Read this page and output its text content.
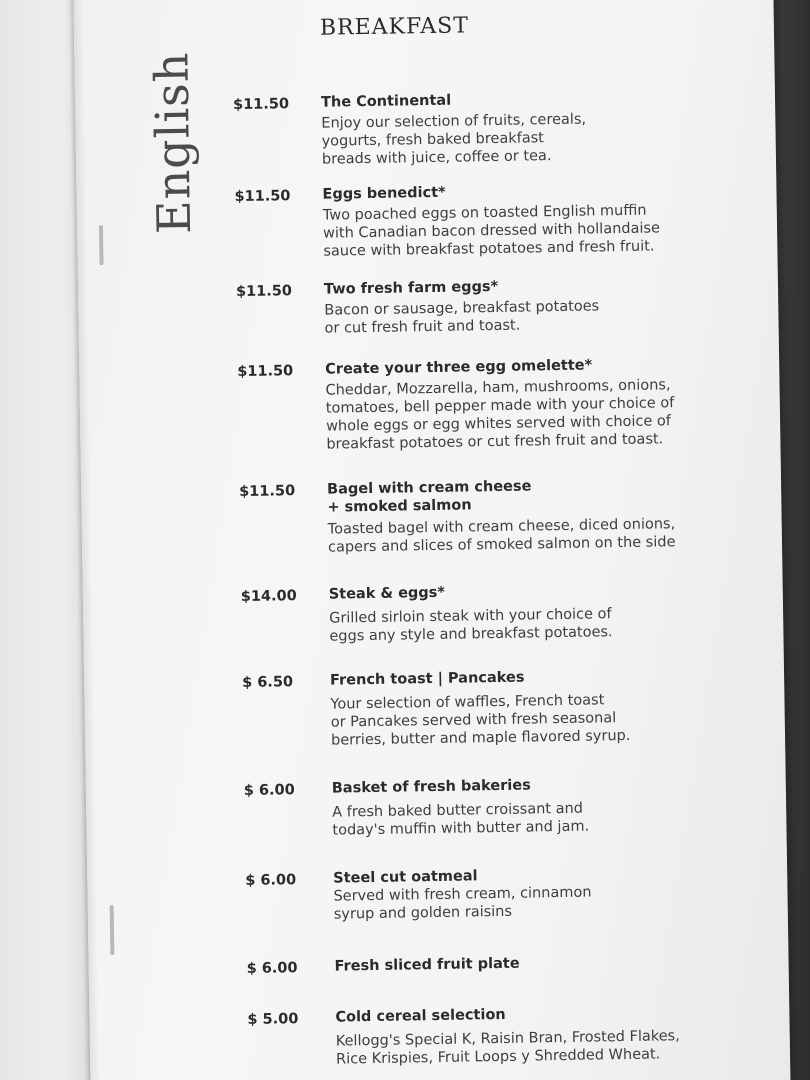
English
BREAKFAST
$11.50	The Continental
Enjoy our selection of fruits, cereals,
yogurts, fresh baked breakfast
breads with juice, coffee or tea.
$11.50	Eggs benedict*
Two poached eggs on toasted English muffin
with Canadian bacon dressed with hollandaise
sauce with breakfast potatoes and fresh fruit.
$11.50	Two fresh farm eggs*
Bacon or sausage, breakfast potatoes
or cut fresh fruit and toast.
$11.50	Create your three egg omelette*
Cheddar, Mozzarella, ham, mushrooms, onions,
tomatoes, bell pepper made with your choice of
whole eggs or egg whites served with choice of
breakfast potatoes or cut fresh fruit and toast.
$11.50	Bagel with cream cheese
+ smoked salmon
Toasted bagel with cream cheese, diced onions,
capers and slices of smoked salmon on the side
$14.00	Steak & eggs*
Grilled sirloin steak with your choice of
eggs any style and breakfast potatoes.
$ 6.50	French toast | Pancakes
Your selection of waffles, French toast
or Pancakes served with fresh seasonal
berries, butter and maple flavored syrup.
$ 6.00	Basket of fresh bakeries
A fresh baked butter croissant and
today's muffin with butter and jam.
$ 6.00	Steel cut oatmeal
Served with fresh cream, cinnamon
syrup and golden raisins
$ 6.00	Fresh sliced fruit plate
$ 5.00	Cold cereal selection
Kellogg's Special K, Raisin Bran, Frosted Flakes,
Rice Krispies, Fruit Loops y Shredded Wheat.
